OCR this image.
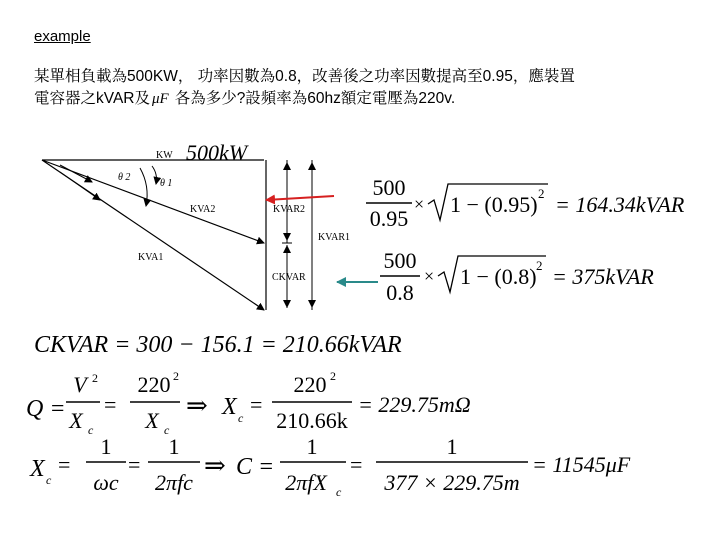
example
某單相負載為500KW， 功率因數為0.8，改善後之功率因數提高至0.95，應裝置
電容器之kVAR及 μF 各為多少?設頻率為60hz額定電壓為220v.
KW 500kW
θ 2
θ 1
KVA2
KVA1
KVAR2
KVAR1
CKVAR
500
0.95
× 1 − (0.95) 2 = 164.34kVAR
500
0.8
× 1 − (0.8) 2 = 375kVAR
CKVAR = 300 − 156.1 = 210.66kVAR
Q =
V 2
X c
=
220 2
X c
⇒ X c
=
220 2
210.66k
= 229.75mΩ
X c
=
1
ωc
=
1
2πfc
⇒ C =
1
2πfX c
=
1
377 × 229.75m
= 11545μF
